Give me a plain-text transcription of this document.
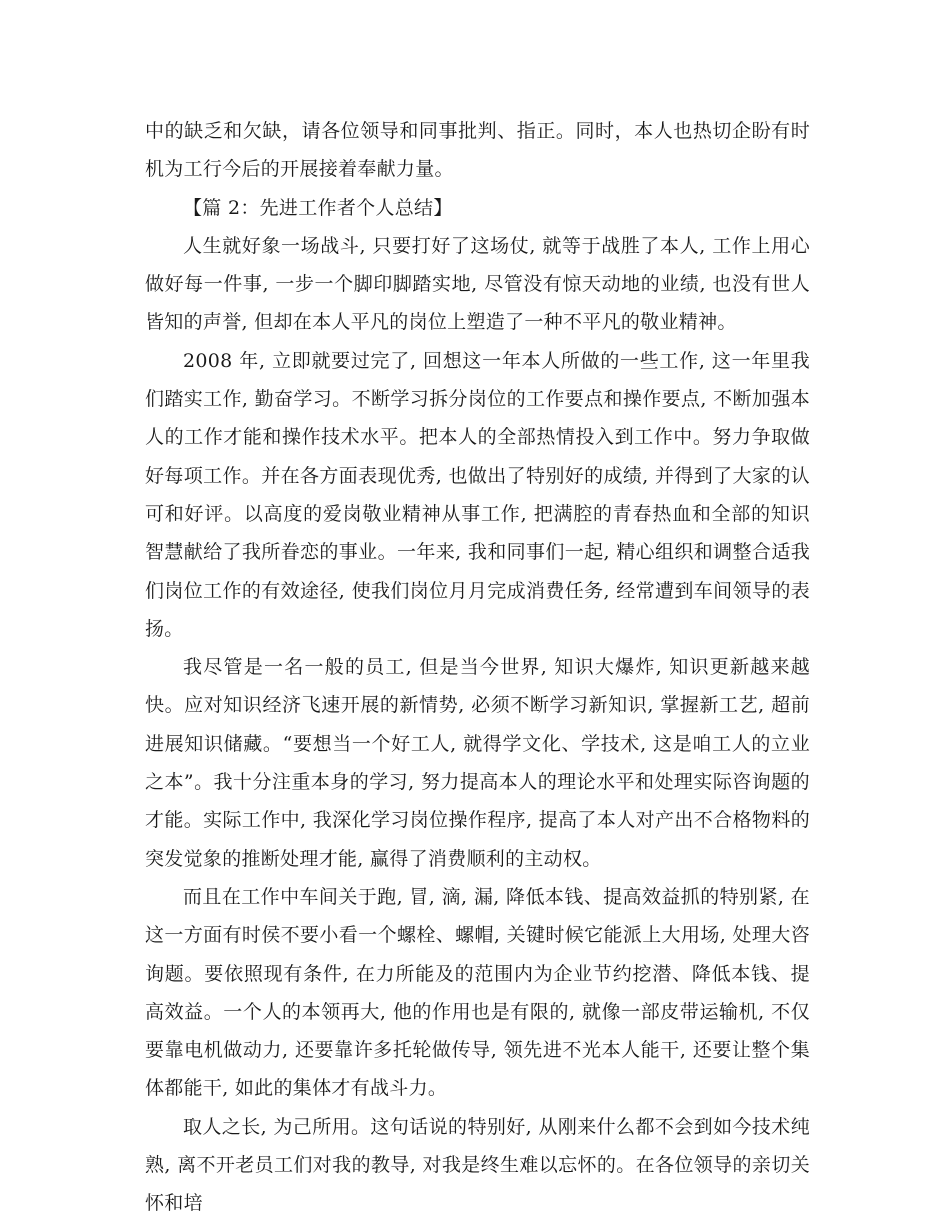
中的缺乏和欠缺，请各位领导和同事批判、指正。同时，本人也热切企盼有时机为工行今后的开展接着奉献力量。

【篇 2：先进工作者个人总结】

人生就好象一场战斗, 只要打好了这场仗, 就等于战胜了本人, 工作上用心做好每一件事, 一步一个脚印脚踏实地, 尽管没有惊天动地的业绩, 也没有世人皆知的声誉, 但却在本人平凡的岗位上塑造了一种不平凡的敬业精神。

2008 年, 立即就要过完了, 回想这一年本人所做的一些工作, 这一年里我们踏实工作, 勤奋学习。不断学习拆分岗位的工作要点和操作要点, 不断加强本人的工作才能和操作技术水平。把本人的全部热情投入到工作中。努力争取做好每项工作。并在各方面表现优秀, 也做出了特别好的成绩, 并得到了大家的认可和好评。以高度的爱岗敬业精神从事工作, 把满腔的青春热血和全部的知识智慧献给了我所眷恋的事业。一年来, 我和同事们一起, 精心组织和调整合适我们岗位工作的有效途径, 使我们岗位月月完成消费任务, 经常遭到车间领导的表扬。

我尽管是一名一般的员工, 但是当今世界, 知识大爆炸, 知识更新越来越快。应对知识经济飞速开展的新情势, 必须不断学习新知识, 掌握新工艺, 超前进展知识储藏。“要想当一个好工人, 就得学文化、学技术, 这是咱工人的立业之本”。我十分注重本身的学习, 努力提高本人的理论水平和处理实际咨询题的才能。实际工作中, 我深化学习岗位操作程序, 提高了本人对产出不合格物料的突发觉象的推断处理才能, 赢得了消费顺利的主动权。

而且在工作中车间关于跑, 冒, 滴, 漏, 降低本钱、提高效益抓的特别紧, 在这一方面有时侯不要小看一个螺栓、螺帽, 关键时候它能派上大用场, 处理大咨询题。要依照现有条件, 在力所能及的范围内为企业节约挖潜、降低本钱、提高效益。一个人的本领再大, 他的作用也是有限的, 就像一部皮带运输机, 不仅要靠电机做动力, 还要靠许多托轮做传导, 领先进不光本人能干, 还要让整个集体都能干, 如此的集体才有战斗力。

取人之长, 为己所用。这句话说的特别好, 从刚来什么都不会到如今技术纯熟, 离不开老员工们对我的教导, 对我是终生难以忘怀的。在各位领导的亲切关怀和培
